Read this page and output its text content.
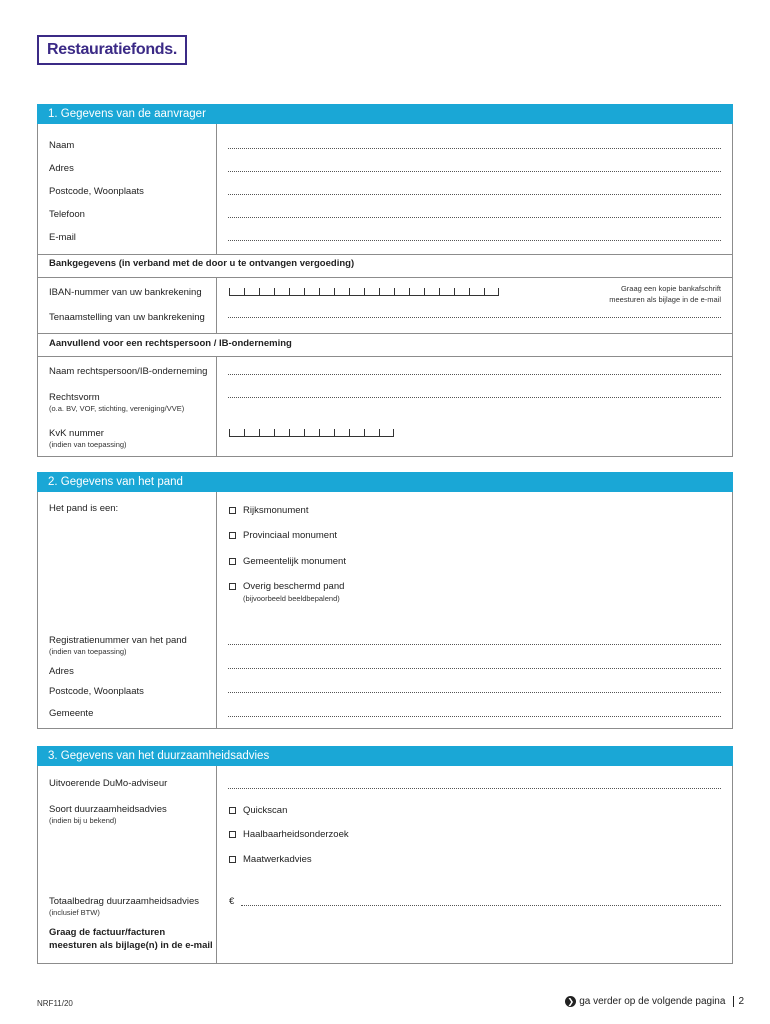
Restauratiefonds.
1. Gegevens van de aanvrager
Naam
Adres
Postcode, Woonplaats
Telefoon
E-mail
Bankgegevens (in verband met de door u te ontvangen vergoeding)
IBAN-nummer van uw bankrekening	Graag een kopie bankafschrift
meesturen als bijlage in de e-mail
Tenaamstelling van uw bankrekening
Aanvullend voor een rechtspersoon / IB-onderneming
Naam rechtspersoon/IB-onderneming
Rechtsvorm
(o.a. BV, VOF, stichting, vereniging/VVE)
KvK nummer
(indien van toepassing)
2. Gegevens van het pand
Het pand is een:	Rijksmonument
Provinciaal monument
Gemeentelijk monument
Overig beschermd pand
(bijvoorbeeld beeldbepalend)
Registratienummer van het pand
(indien van toepassing)
Adres
Postcode, Woonplaats
Gemeente
3. Gegevens van het duurzaamheidsadvies
Uitvoerende DuMo-adviseur
Soort duurzaamheidsadvies
(indien bij u bekend)
Quickscan
Haalbaarheidsonderzoek
Maatwerkadvies
Totaalbedrag duurzaamheidsadvies
(inclusief BTW)
€
Graag de factuur/facturen
meesturen als bijlage(n) in de e-mail
NRF11/20	❯ ga verder op de volgende pagina	2
